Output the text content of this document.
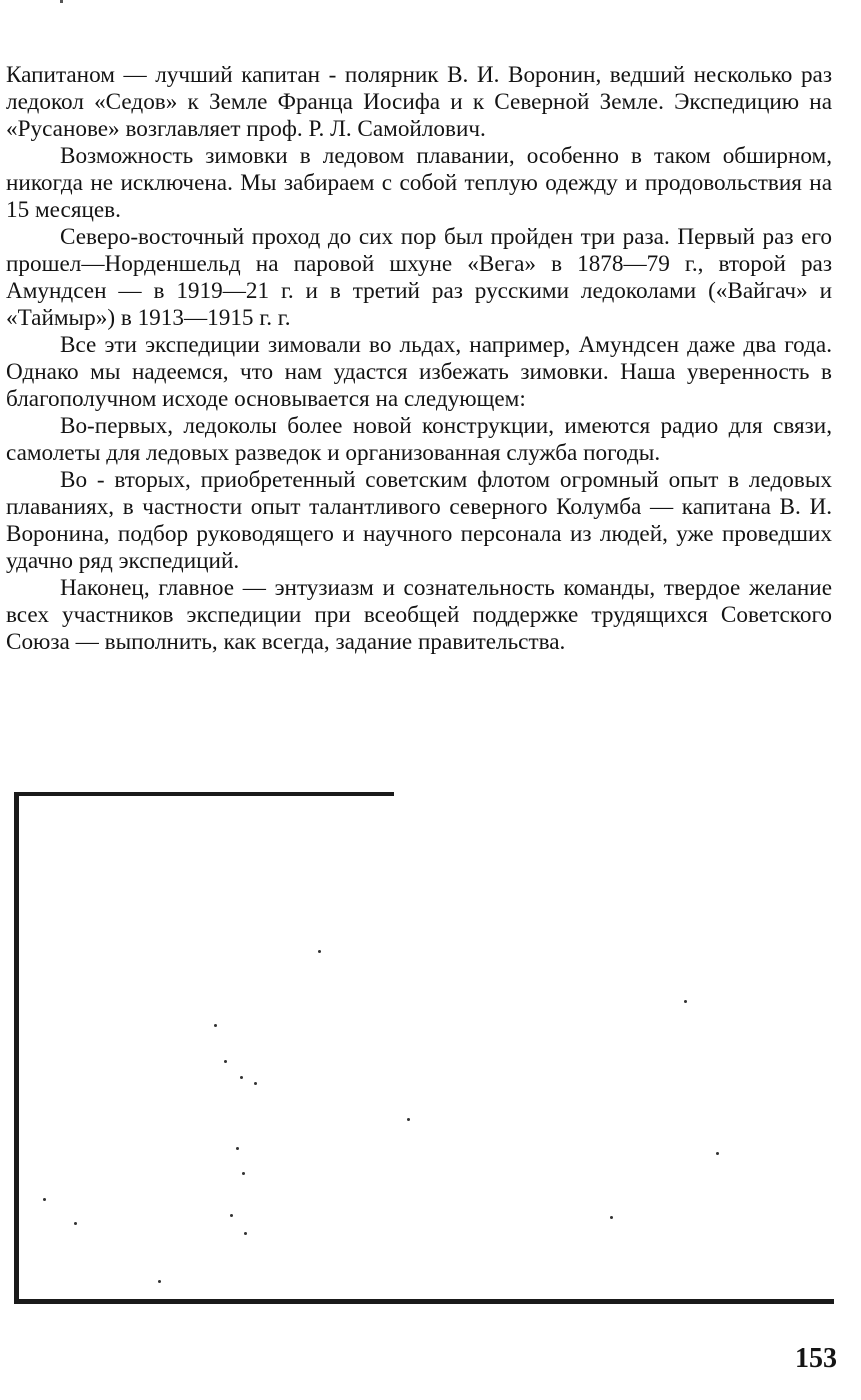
Капитаном — лучший капитан - полярник В. И. Воронин, ведший несколько раз ледокол «Седов» к Земле Франца Иосифа и к Северной Земле. Экспедицию на «Русанове» возглавляет проф. Р. Л. Самойлович.

Возможность зимовки в ледовом плавании, особенно в таком обширном, никогда не исключена. Мы забираем с собой теплую одежду и продовольствия на 15 месяцев.

Северо-восточный проход до сих пор был пройден три раза. Первый раз его прошел—Норденшельд на паровой шхуне «Вега» в 1878—79 г., второй раз Амундсен — в 1919—21 г. и в третий раз русскими ледоколами («Вайгач» и «Таймыр») в 1913—1915 г. г.

Все эти экспедиции зимовали во льдах, например, Амундсен даже два года. Однако мы надеемся, что нам удастся избежать зимовки. Наша уверенность в благополучном исходе основывается на следующем:

Во-первых, ледоколы более новой конструкции, имеются радио для связи, самолеты для ледовых разведок и организованная служба погоды.

Во - вторых, приобретенный советским флотом огромный опыт в ледовых плаваниях, в частности опыт талантливого северного Колумба — капитана В. И. Воронина, подбор руководящего и научного персонала из людей, уже проведших удачно ряд экспедиций.

Наконец, главное — энтузиазм и сознательность команды, твердое желание всех участников экспедиции при всеобщей поддержке трудящихся Советского Союза — выполнить, как всегда, задание правительства.

153
